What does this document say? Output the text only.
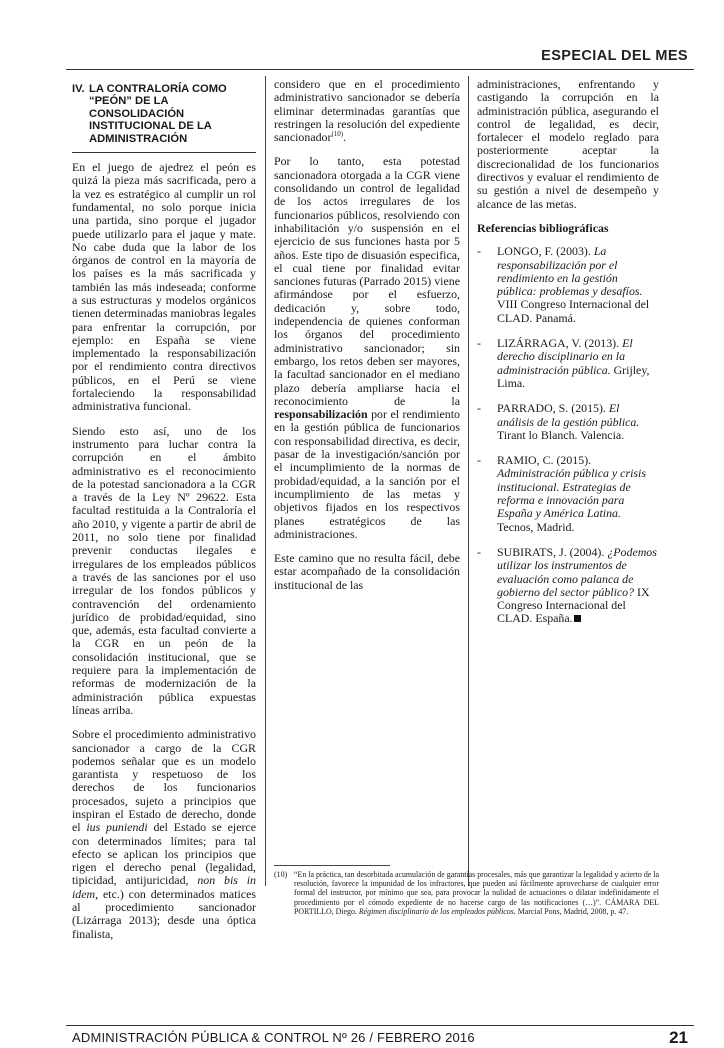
ESPECIAL DEL MES
IV. LA CONTRALORÍA COMO “PEÓN” DE LA CONSOLIDACIÓN INSTITUCIONAL DE LA ADMINISTRACIÓN

En el juego de ajedrez el peón es quizá la pieza más sacrificada, pero a la vez es estratégico al cumplir un rol fundamental, no solo porque inicia una partida, sino porque el jugador puede utilizarlo para el jaque y mate. No cabe duda que la labor de los órganos de control en la mayoría de los países es la más sacrificada y también las más indeseada; conforme a sus estructuras y modelos orgánicos tienen determinadas maniobras legales para enfrentar la corrupción, por ejemplo: en España se viene implementado la responsabilización por el rendimiento contra directivos públicos, en el Perú se viene fortaleciendo la responsabilidad administrativa funcional.

Siendo esto así, uno de los instrumento para luchar contra la corrupción en el ámbito administrativo es el reconocimiento de la potestad sancionadora a la CGR a través de la Ley Nº 29622. Esta facultad restituida a la Contraloría el año 2010, y vigente a partir de abril de 2011, no solo tiene por finalidad prevenir conductas ilegales e irregulares de los empleados públicos a través de las sanciones por el uso irregular de los fondos públicos y contravención del ordenamiento jurídico de probidad/equidad, sino que, además, esta facultad convierte a la CGR en un peón de la consolidación institucional, que se requiere para la implementación de reformas de modernización de la administración pública expuestas líneas arriba.

Sobre el procedimiento administrativo sancionador a cargo de la CGR podemos señalar que es un modelo garantista y respetuoso de los derechos de los funcionarios procesados, sujeto a principios que inspiran el Estado de derecho, donde el ius puniendi del Estado se ejerce con determinados límites; para tal efecto se aplican los principios que rigen el derecho penal (legalidad, tipicidad, antijuricidad, non bis in idem, etc.) con determinados matices al procedimiento sancionador (Lizárraga 2013); desde una óptica finalista,

considero que en el procedimiento administrativo sancionador se debería eliminar determinadas garantías que restringen la resolución del expediente sancionador$^{(10)}$.

Por lo tanto, esta potestad sancionadora otorgada a la CGR viene consolidando un control de legalidad de los actos irregulares de los funcionarios públicos, resolviendo con inhabilitación y/o suspensión en el ejercicio de sus funciones hasta por 5 años. Este tipo de disuasión especifica, el cual tiene por finalidad evitar sanciones futuras (Parrado 2015) viene afirmándose por el esfuerzo, dedicación y, sobre todo, independencia de quienes conforman los órganos del procedimiento administrativo sancionador; sin embargo, los retos deben ser mayores, la facultad sancionador en el mediano plazo debería ampliarse hacia el reconocimiento de la responsabilización por el rendimiento en la gestión pública de funcionarios con responsabilidad directiva, es decir, pasar de la investigación/sanción por el incumplimiento de la normas de probidad/equidad, a la sanción por el incumplimiento de las metas y objetivos fijados en los respectivos planes estratégicos de las administraciones.

Este camino que no resulta fácil, debe estar acompañado de la consolidación institucional de las

administraciones, enfrentando y castigando la corrupción en la administración pública, asegurando el control de legalidad, es decir, fortalecer el modelo reglado para posteriormente aceptar la discrecionalidad de los funcionarios directivos y evaluar el rendimiento de su gestión a nivel de desempeño y alcance de las metas.

Referencias bibliográficas
-	LONGO, F. (2003). La responsabilización por el rendimiento en la gestión pública: problemas y desafíos. VIII Congreso Internacional del CLAD. Panamá.
-	LIZÁRRAGA, V. (2013). El derecho disciplinario en la administración pública. Grijley, Lima.
-	PARRADO, S. (2015). El análisis de la gestión pública. Tirant lo Blanch. Valencia.
-	RAMIO, C. (2015). Administración pública y crisis institucional. Estrategias de reforma e innovación para España y América Latina. Tecnos, Madrid.
-	SUBIRATS, J. (2004). ¿Podemos utilizar los instrumentos de evaluación como palanca de gobierno del sector público? IX Congreso Internacional del CLAD. España.
(10) “En la práctica, tan desorbitada acumulación de garantías procesales, más que garantizar la legalidad y acierto de la resolución, favorece la impunidad de los infractores, que pueden así fácilmente aprovecharse de cualquier error formal del instructor, por mínimo que sea, para provocar la nulidad de actuaciones o dilatar indefinidamente el procedimiento por el cómodo expediente de no hacerse cargo de las notificaciones (…)”. CÁMARA DEL PORTILLO, Diego. Régimen disciplinario de los empleados públicos. Marcial Pons, Madrid, 2008, p. 47.
ADMINISTRACIÓN PÚBLICA & CONTROL Nº 26 / FEBRERO 2016	21
